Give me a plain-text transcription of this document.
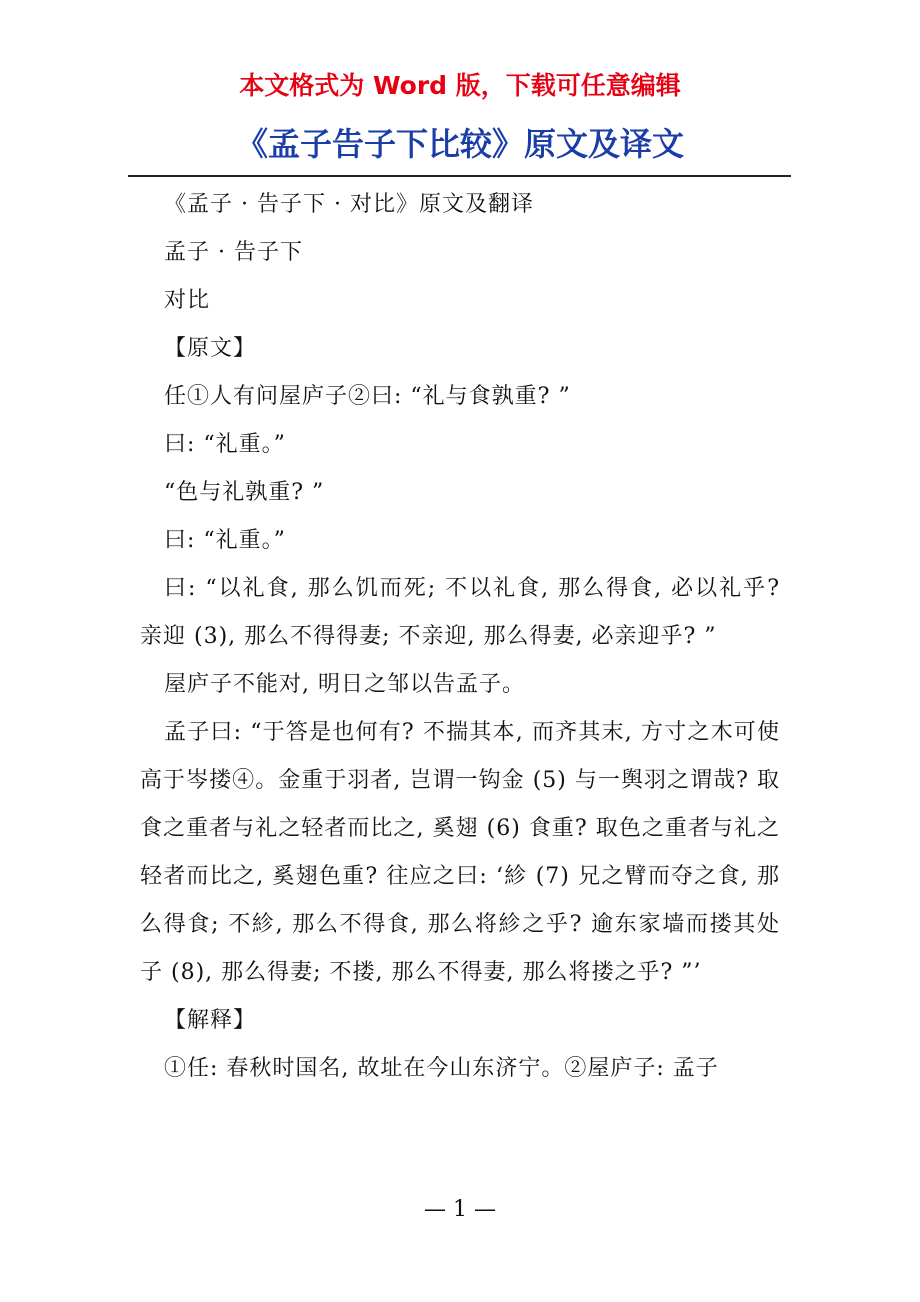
本文格式为 Word 版，下载可任意编辑
《孟子告子下比较》原文及译文

《孟子 · 告子下 · 对比》原文及翻译

孟子 · 告子下

对比

【原文】

任①人有问屋庐子②曰: “礼与食孰重? ”

曰: “礼重。”

“色与礼孰重? ”

曰: “礼重。”

曰: “以礼食, 那么饥而死; 不以礼食, 那么得食, 必以礼乎? 亲迎 (3), 那么不得得妻; 不亲迎, 那么得妻, 必亲迎乎? ”

屋庐子不能对, 明日之邹以告孟子。

孟子曰: “于答是也何有? 不揣其本, 而齐其末, 方寸之木可使高于岑搂④。金重于羽者, 岂谓一钩金 (5) 与一舆羽之谓哉? 取食之重者与礼之轻者而比之, 奚翅 (6) 食重? 取色之重者与礼之轻者而比之, 奚翅色重? 往应之曰: ‘紾 (7) 兄之臂而夺之食, 那么得食; 不紾, 那么不得食, 那么将紾之乎? 逾东家墙而搂其处子 (8), 那么得妻; 不搂, 那么不得妻, 那么将搂之乎? ”’

【解释】

①任: 春秋时国名, 故址在今山东济宁。②屋庐子: 孟子

— 1 —
